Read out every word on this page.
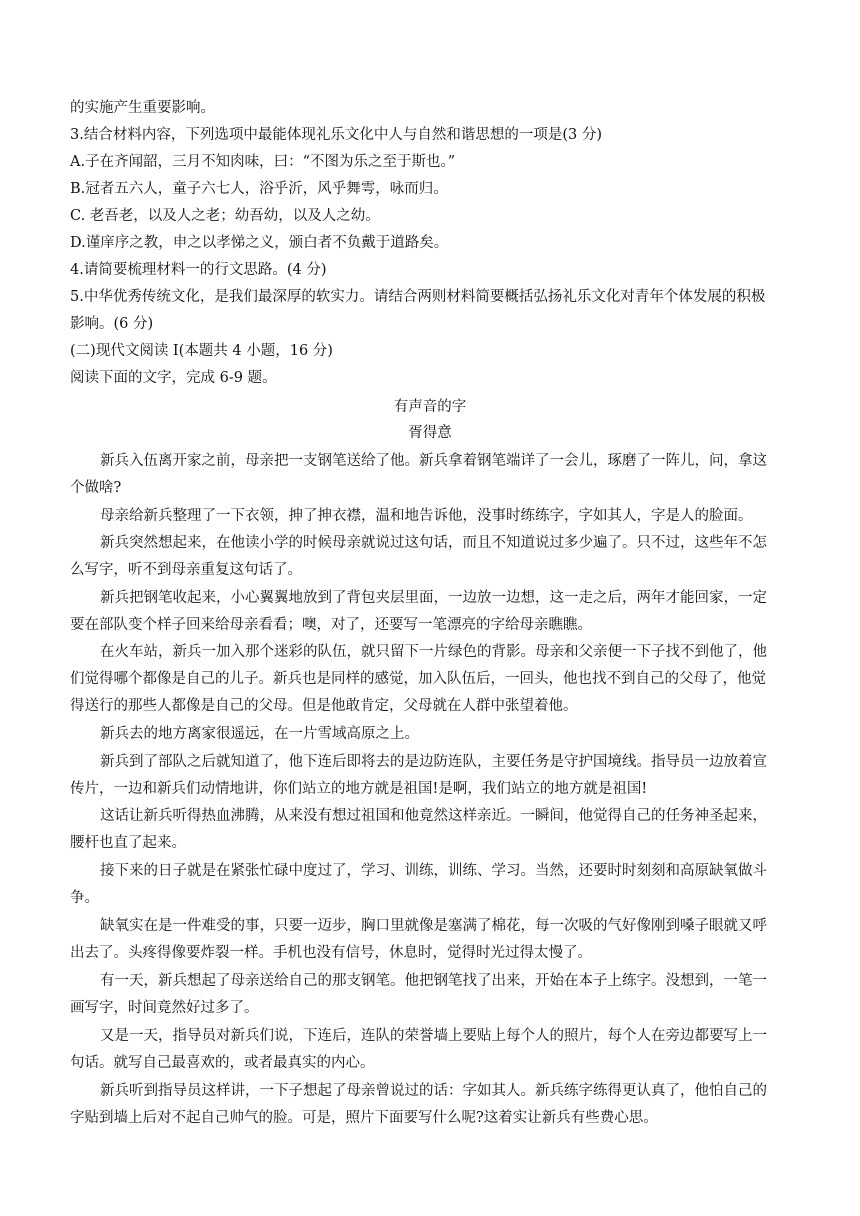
的实施产生重要影响。
3.结合材料内容，下列选项中最能体现礼乐文化中人与自然和谐思想的一项是(3 分)
A.子在齐闻韶，三月不知肉味，曰：“不图为乐之至于斯也。”
B.冠者五六人，童子六七人，浴乎沂，风乎舞雩，咏而归。
C. 老吾老，以及人之老；幼吾幼，以及人之幼。
D.谨庠序之教，申之以孝悌之义，颁白者不负戴于道路矣。
4.请简要梳理材料一的行文思路。(4 分)
5.中华优秀传统文化，是我们最深厚的软实力。请结合两则材料简要概括弘扬礼乐文化对青年个体发展的积极
影响。(6 分)
(二)现代文阅读 I(本题共 4 小题，16 分)
阅读下面的文字，完成 6-9 题。
有声音的字
胥得意
新兵入伍离开家之前，母亲把一支钢笔送给了他。新兵拿着钢笔端详了一会儿，琢磨了一阵儿，问，拿这
个做啥?
母亲给新兵整理了一下衣领，抻了抻衣襟，温和地告诉他，没事时练练字，字如其人，字是人的脸面。
新兵突然想起来，在他读小学的时候母亲就说过这句话，而且不知道说过多少遍了。只不过，这些年不怎
么写字，听不到母亲重复这句话了。
新兵把钢笔收起来，小心翼翼地放到了背包夹层里面，一边放一边想，这一走之后，两年才能回家，一定
要在部队变个样子回来给母亲看看；噢，对了，还要写一笔漂亮的字给母亲瞧瞧。
在火车站，新兵一加入那个迷彩的队伍，就只留下一片绿色的背影。母亲和父亲便一下子找不到他了，他
们觉得哪个都像是自己的儿子。新兵也是同样的感觉，加入队伍后，一回头，他也找不到自己的父母了，他觉
得送行的那些人都像是自己的父母。但是他敢肯定，父母就在人群中张望着他。
新兵去的地方离家很遥远，在一片雪域高原之上。
新兵到了部队之后就知道了，他下连后即将去的是边防连队，主要任务是守护国境线。指导员一边放着宣
传片，一边和新兵们动情地讲，你们站立的地方就是祖国!是啊，我们站立的地方就是祖国!
这话让新兵听得热血沸腾，从来没有想过祖国和他竟然这样亲近。一瞬间，他觉得自己的任务神圣起来，
腰杆也直了起来。
接下来的日子就是在紧张忙碌中度过了，学习、训练，训练、学习。当然，还要时时刻刻和高原缺氧做斗
争。
缺氧实在是一件难受的事，只要一迈步，胸口里就像是塞满了棉花，每一次吸的气好像刚到嗓子眼就又呼
出去了。头疼得像要炸裂一样。手机也没有信号，休息时，觉得时光过得太慢了。
有一天，新兵想起了母亲送给自己的那支钢笔。他把钢笔找了出来，开始在本子上练字。没想到，一笔一
画写字，时间竟然好过多了。
又是一天，指导员对新兵们说，下连后，连队的荣誉墙上要贴上每个人的照片，每个人在旁边都要写上一
句话。就写自己最喜欢的，或者最真实的内心。
新兵听到指导员这样讲，一下子想起了母亲曾说过的话：字如其人。新兵练字练得更认真了，他怕自己的
字贴到墙上后对不起自己帅气的脸。可是，照片下面要写什么呢?这着实让新兵有些费心思。
